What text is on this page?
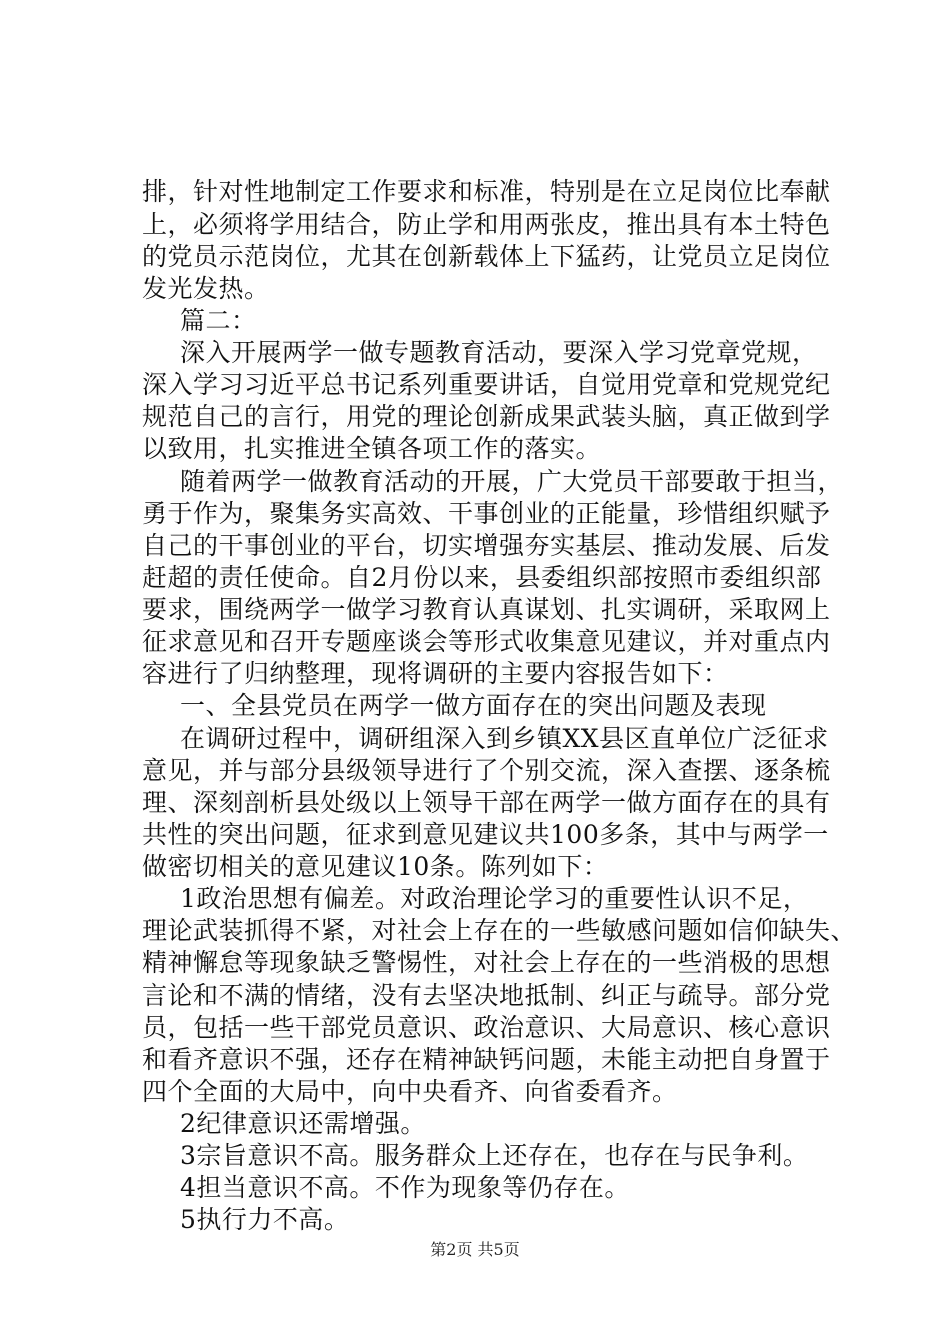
排，针对性地制定工作要求和标准，特别是在立足岗位比奉献
上，必须将学用结合，防止学和用两张皮，推出具有本土特色
的党员示范岗位，尤其在创新载体上下猛药，让党员立足岗位
发光发热。
篇二：
深入开展两学一做专题教育活动，要深入学习党章党规，
深入学习习近平总书记系列重要讲话，自觉用党章和党规党纪
规范自己的言行，用党的理论创新成果武装头脑，真正做到学
以致用，扎实推进全镇各项工作的落实。
随着两学一做教育活动的开展，广大党员干部要敢于担当，
勇于作为，聚集务实高效、干事创业的正能量，珍惜组织赋予
自己的干事创业的平台，切实增强夯实基层、推动发展、后发
赶超的责任使命。自2月份以来，县委组织部按照市委组织部
要求，围绕两学一做学习教育认真谋划、扎实调研，采取网上
征求意见和召开专题座谈会等形式收集意见建议，并对重点内
容进行了归纳整理，现将调研的主要内容报告如下：
一、全县党员在两学一做方面存在的突出问题及表现
在调研过程中，调研组深入到乡镇XX县区直单位广泛征求
意见，并与部分县级领导进行了个别交流，深入查摆、逐条梳
理、深刻剖析县处级以上领导干部在两学一做方面存在的具有
共性的突出问题，征求到意见建议共100多条，其中与两学一
做密切相关的意见建议10条。陈列如下：
1政治思想有偏差。对政治理论学习的重要性认识不足，
理论武装抓得不紧，对社会上存在的一些敏感问题如信仰缺失、
精神懈怠等现象缺乏警惕性，对社会上存在的一些消极的思想
言论和不满的情绪，没有去坚决地抵制、纠正与疏导。部分党
员，包括一些干部党员意识、政治意识、大局意识、核心意识
和看齐意识不强，还存在精神缺钙问题，未能主动把自身置于
四个全面的大局中，向中央看齐、向省委看齐。
2纪律意识还需增强。
3宗旨意识不高。服务群众上还存在，也存在与民争利。
4担当意识不高。不作为现象等仍存在。
5执行力不高。
第2页 共5页
